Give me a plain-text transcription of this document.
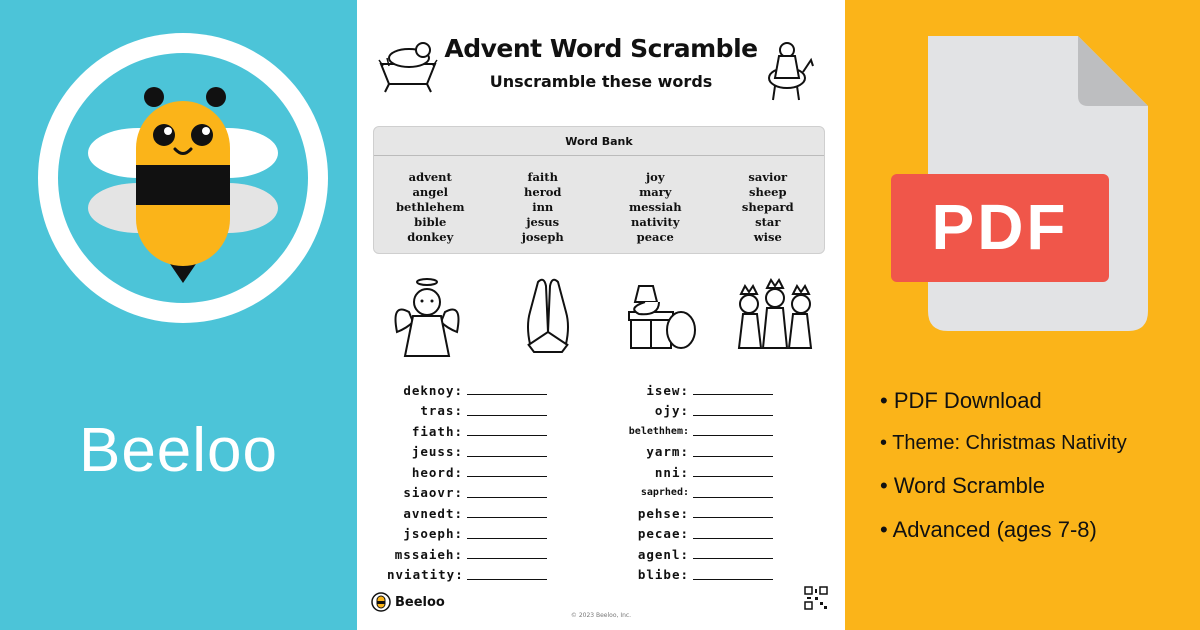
Beeloo
Advent Word Scramble
Unscramble these words
Word Bank
advent
angel
bethlehem
bible
donkey
faith
herod
inn
jesus
joseph
joy
mary
messiah
nativity
peace
savior
sheep
shepard
star
wise
deknoy:
tras:
fiath:
jeuss:
heord:
siaovr:
avnedt:
jsoeph:
mssaieh:
nviatity:
isew:
ojy:
belethhem:
yarm:
nni:
saprhed:
pehse:
pecae:
agenl:
blibe:
Beeloo
© 2023 Beeloo, Inc.
PDF
• PDF Download
• Theme: Christmas Nativity
• Word Scramble
• Advanced (ages 7-8)
